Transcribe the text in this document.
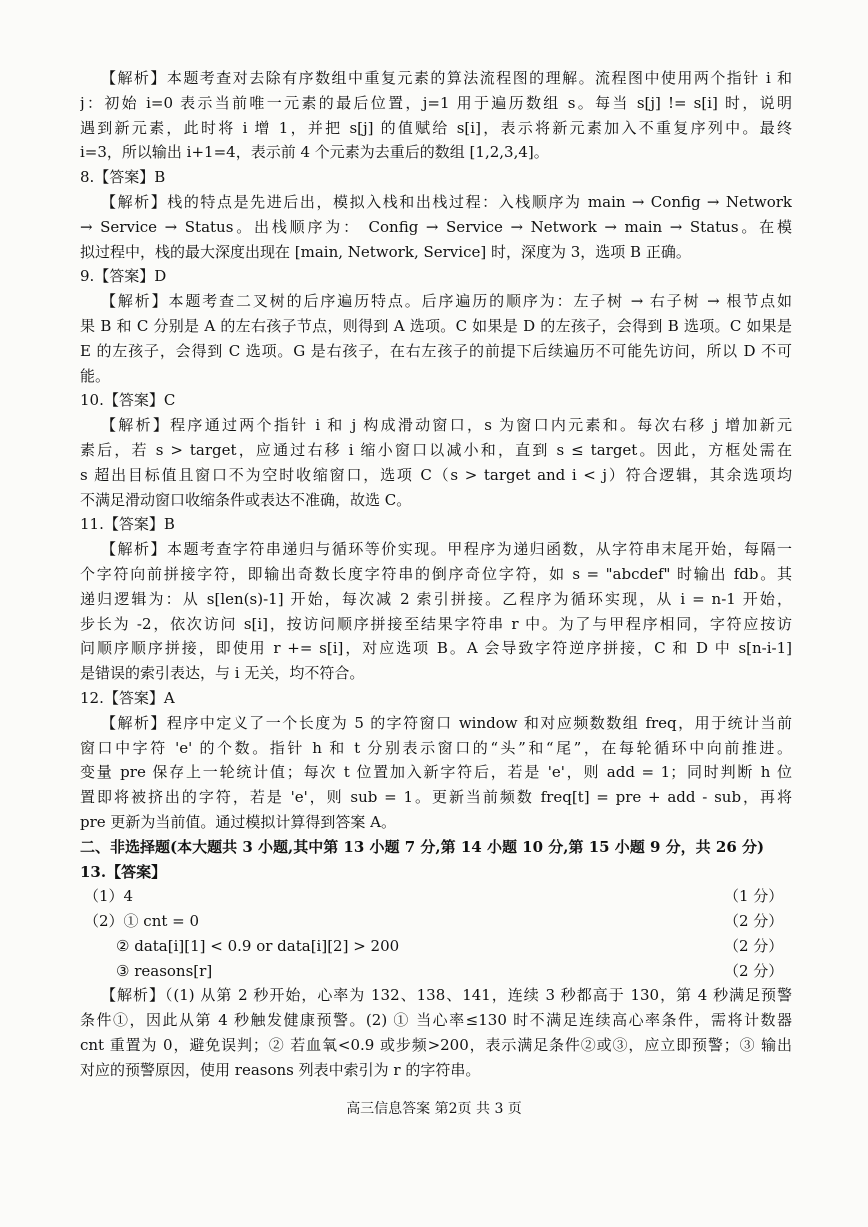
【解析】本题考查对去除有序数组中重复元素的算法流程图的理解。流程图中使用两个指针 i 和
j：初始 i=0 表示当前唯一元素的最后位置，j=1 用于遍历数组 s。每当 s[j] != s[i] 时，说明
遇到新元素，此时将 i 增 1，并把 s[j] 的值赋给 s[i]，表示将新元素加入不重复序列中。最终
i=3，所以输出 i+1=4，表示前 4 个元素为去重后的数组 [1,2,3,4]。
8.【答案】B
【解析】栈的特点是先进后出，模拟入栈和出栈过程：入栈顺序为 main → Config → Network
→ Service → Status。出栈顺序为： Config → Service → Network → main → Status。在模
拟过程中，栈的最大深度出现在 [main, Network, Service] 时，深度为 3，选项 B 正确。
9.【答案】D
【解析】本题考查二叉树的后序遍历特点。后序遍历的顺序为：左子树 → 右子树 → 根节点如
果 B 和 C 分别是 A 的左右孩子节点，则得到 A 选项。C 如果是 D 的左孩子，会得到 B 选项。C 如果是
E 的左孩子，会得到 C 选项。G 是右孩子，在右左孩子的前提下后续遍历不可能先访问，所以 D 不可
能。
10.【答案】C
【解析】程序通过两个指针 i 和 j 构成滑动窗口，s 为窗口内元素和。每次右移 j 增加新元
素后，若 s > target，应通过右移 i 缩小窗口以减小和，直到 s ≤ target。因此，方框处需在
s 超出目标值且窗口不为空时收缩窗口，选项 C（s > target and i < j）符合逻辑，其余选项均
不满足滑动窗口收缩条件或表达不准确，故选 C。
11.【答案】B
【解析】本题考查字符串递归与循环等价实现。甲程序为递归函数，从字符串末尾开始，每隔一
个字符向前拼接字符，即输出奇数长度字符串的倒序奇位字符，如 s = "abcdef" 时输出 fdb。其
递归逻辑为：从 s[len(s)-1] 开始，每次减 2 索引拼接。乙程序为循环实现，从 i = n-1 开始，
步长为 -2，依次访问 s[i]，按访问顺序拼接至结果字符串 r 中。为了与甲程序相同，字符应按访
问顺序顺序拼接，即使用 r += s[i]，对应选项 B。A 会导致字符逆序拼接，C 和 D 中 s[n-i-1]
是错误的索引表达，与 i 无关，均不符合。
12.【答案】A
【解析】程序中定义了一个长度为 5 的字符窗口 window 和对应频数数组 freq，用于统计当前
窗口中字符 'e' 的个数。指针 h 和 t 分别表示窗口的“头”和“尾”，在每轮循环中向前推进。
变量 pre 保存上一轮统计值；每次 t 位置加入新字符后，若是 'e'，则 add = 1；同时判断 h 位
置即将被挤出的字符，若是 'e'，则 sub = 1。更新当前频数 freq[t] = pre + add - sub，再将
pre 更新为当前值。通过模拟计算得到答案 A。
二、非选择题(本大题共 3 小题,其中第 13 小题 7 分,第 14 小题 10 分,第 15 小题 9 分，共 26 分)
13.【答案】
（1）4	（1 分）
（2）① cnt = 0	（2 分）
② data[i][1] < 0.9 or data[i][2] > 200	（2 分）
③ reasons[r]	（2 分）
【解析】（(1) 从第 2 秒开始，心率为 132、138、141，连续 3 秒都高于 130，第 4 秒满足预警
条件①，因此从第 4 秒触发健康预警。(2) ① 当心率≤130 时不满足连续高心率条件，需将计数器
cnt 重置为 0，避免误判；② 若血氧<0.9 或步频>200，表示满足条件②或③，应立即预警；③ 输出
对应的预警原因，使用 reasons 列表中索引为 r 的字符串。
高三信息答案 第2页 共 3 页
